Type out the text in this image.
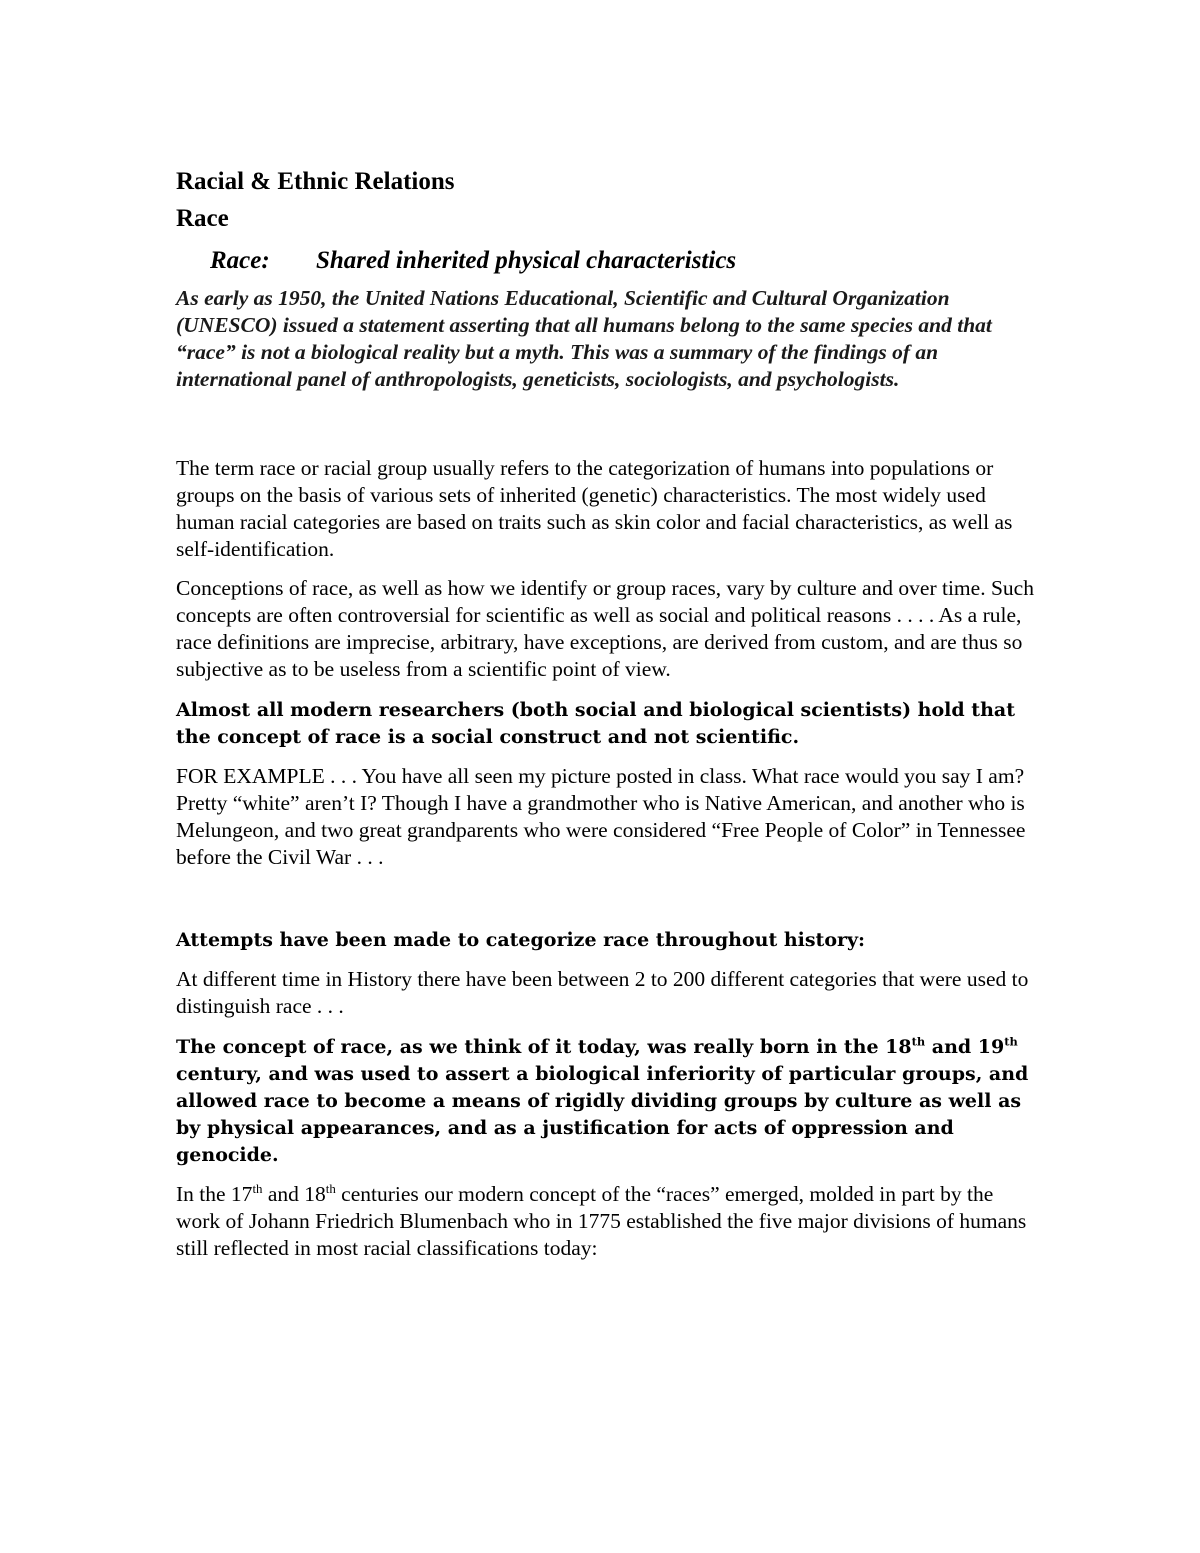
Racial & Ethnic Relations

Race

Race: Shared inherited physical characteristics

As early as 1950, the United Nations Educational, Scientific and Cultural Organization (UNESCO) issued a statement asserting that all humans belong to the same species and that “race” is not a biological reality but a myth. This was a summary of the findings of an international panel of anthropologists, geneticists, sociologists, and psychologists.

The term race or racial group usually refers to the categorization of humans into populations or groups on the basis of various sets of inherited (genetic) characteristics. The most widely used human racial categories are based on traits such as skin color and facial characteristics, as well as self-identification.

Conceptions of race, as well as how we identify or group races, vary by culture and over time. Such concepts are often controversial for scientific as well as social and political reasons . . . . As a rule, race definitions are imprecise, arbitrary, have exceptions, are derived from custom, and are thus so subjective as to be useless from a scientific point of view.

Almost all modern researchers (both social and biological scientists) hold that the concept of race is a social construct and not scientific.

FOR EXAMPLE . . . You have all seen my picture posted in class. What race would you say I am? Pretty “white” aren’t I? Though I have a grandmother who is Native American, and another who is Melungeon, and two great grandparents who were considered “Free People of Color” in Tennessee before the Civil War . . .

Attempts have been made to categorize race throughout history:

At different time in History there have been between 2 to 200 different categories that were used to distinguish race . . .

The concept of race, as we think of it today, was really born in the 18th and 19th century, and was used to assert a biological inferiority of particular groups, and allowed race to become a means of rigidly dividing groups by culture as well as by physical appearances, and as a justification for acts of oppression and genocide.

In the 17th and 18th centuries our modern concept of the “races” emerged, molded in part by the work of Johann Friedrich Blumenbach who in 1775 established the five major divisions of humans still reflected in most racial classifications today:
